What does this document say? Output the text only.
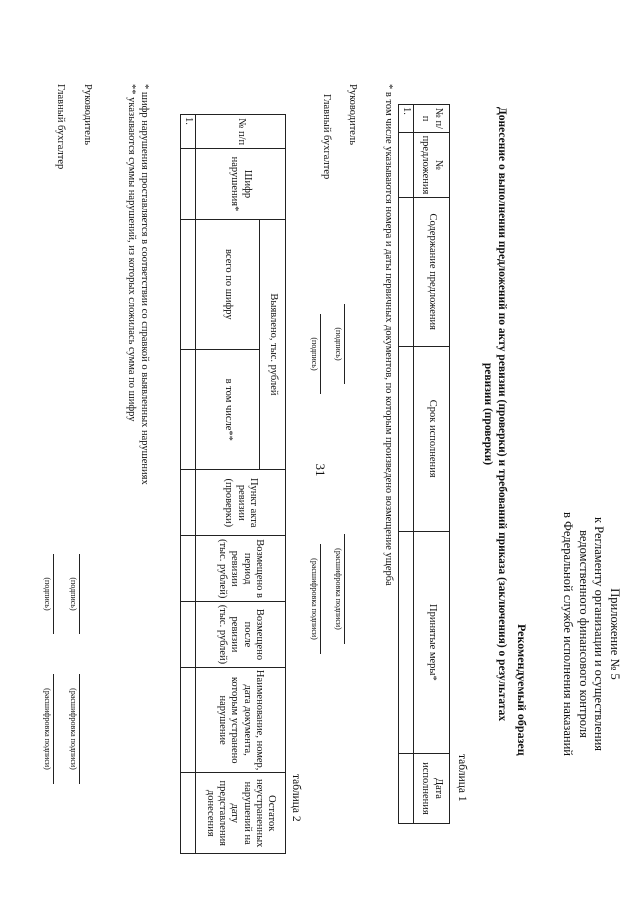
31
Приложение № 5
к Регламенту организации и осуществления
ведомственного финансового контроля
в Федеральной службе исполнения наказаний
Рекомендуемый образец
Донесение о выполнении предложений по акту ревизии (проверки) и требований приказа (заключения) о результатах
ревизии (проверки)
таблица 1
№ п/п	№ предложения	Содержание предложения	Срок исполнения	Принятые меры*	Дата исполнения
1.					
* в том числе указываются номера и даты первичных документов, по которым произведено возмещение ущерба
Руководитель
(подпись)
(расшифровка подписи)
Главный бухгалтер
(подпись)
(расшифровка подписи)
таблица 2
№ п/п	Шифр нарушения*	Выявлено, тыс. рублей		Пункт акта ревизии (проверки)	Возмещено в период ревизии (тыс. рублей)	Возмещено после ревизии (тыс. рублей)	Наименование, номер, дата документа, которым устранено нарушение	Остаток неустраненных нарушений на дату представления донесения
		всего по шифру	в том числе**					
1.								
* шифр нарушения проставляется в соответствии со справкой о выявленных нарушениях
** указываются суммы нарушений, из которых сложилась сумма по шифру
Руководитель
(подпись)
(расшифровка подписи)
Главный бухгалтер
(подпись)
(расшифровка подписи)
